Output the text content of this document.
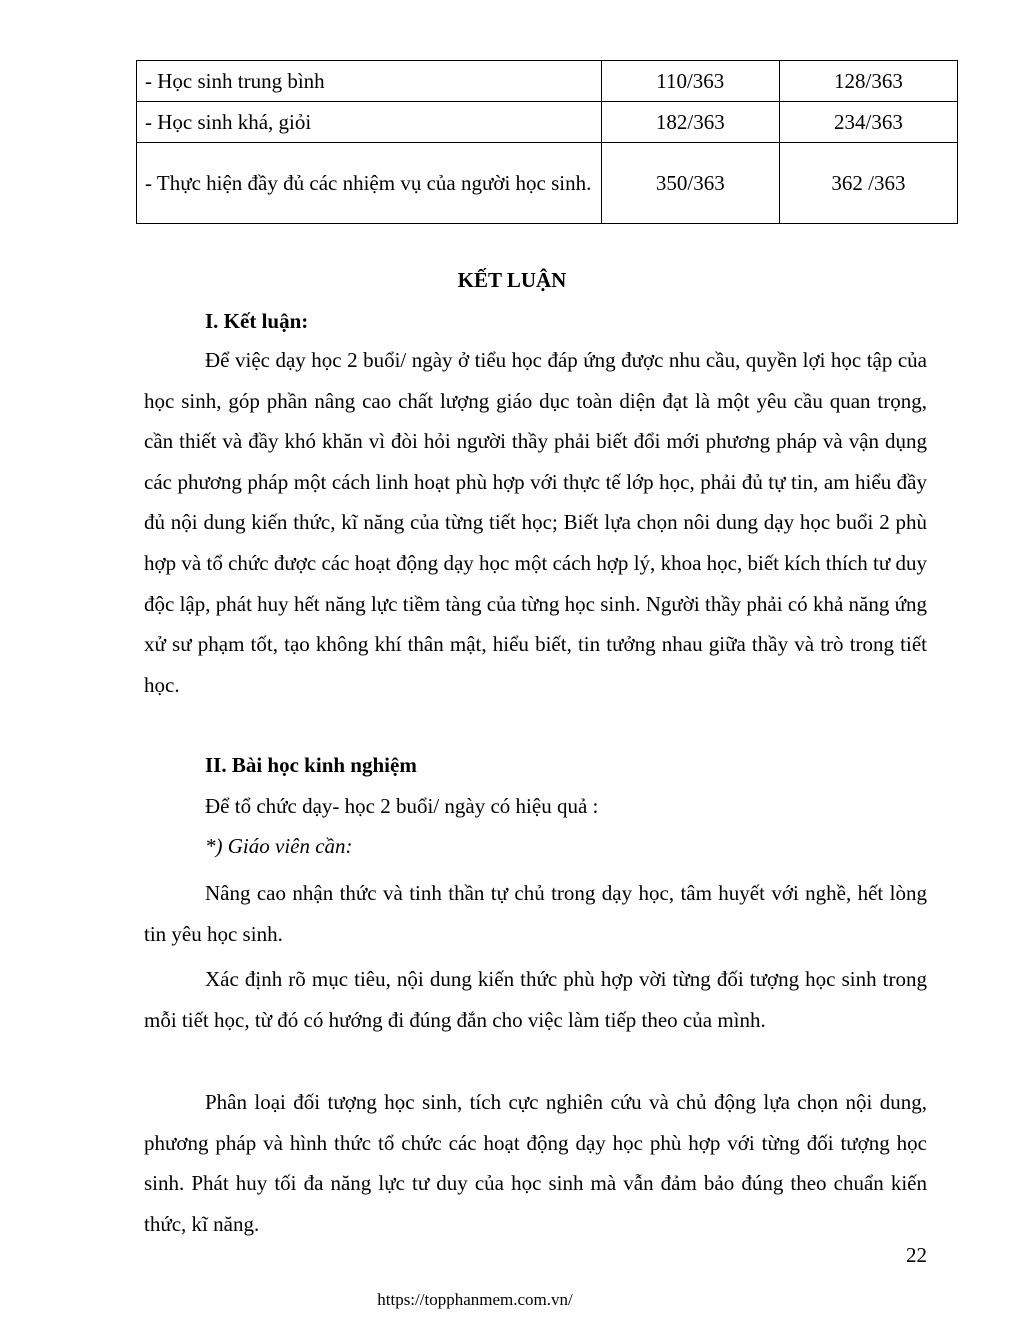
- Học sinh trung bình	110/363	128/363
- Học sinh khá, giỏi	182/363	234/363
- Thực hiện đầy đủ các nhiệm vụ của người học sinh.	350/363	362 /363
KẾT LUẬN
I. Kết luận:

Để việc dạy học 2 buổi/ ngày ở tiểu học đáp ứng được nhu cầu, quyền lợi học tập của học sinh, góp phần nâng cao chất lượng giáo dục toàn diện đạt là một yêu cầu quan trọng, cần thiết và đầy khó khăn vì đòi hỏi người thầy phải biết đổi mới phương pháp và vận dụng các phương pháp một cách linh hoạt phù hợp với thực tế lớp học, phải đủ tự tin, am hiểu đầy đủ nội dung kiến thức, kĩ năng của từng tiết học; Biết lựa chọn nôi dung dạy học buổi 2 phù hợp và tổ chức được các hoạt động dạy học một cách hợp lý, khoa học, biết kích thích tư duy độc lập, phát huy hết năng lực tiềm tàng của từng học sinh. Người thầy phải có khả năng ứng xử sư phạm tốt, tạo không khí thân mật, hiểu biết, tin tưởng nhau giữa thầy và trò trong tiết học.

II. Bài học kinh nghiệm
Để tổ chức dạy- học 2 buổi/ ngày có hiệu quả :
*) Giáo viên cần:

Nâng cao nhận thức và tinh thần tự chủ trong dạy học, tâm huyết với nghề, hết lòng tin yêu học sinh.

Xác định rõ mục tiêu, nội dung kiến thức phù hợp vời từng đối tượng học sinh trong mỗi tiết học, từ đó có hướng đi đúng đắn cho việc làm tiếp theo của mình.

Phân loại đối tượng học sinh, tích cực nghiên cứu và chủ động lựa chọn nội dung, phương pháp và hình thức tổ chức các hoạt động dạy học phù hợp với từng đối tượng học sinh. Phát huy tối đa năng lực tư duy của học sinh mà vẫn đảm bảo đúng theo chuẩn kiến thức, kĩ năng.

22
https://topphanmem.com.vn/
